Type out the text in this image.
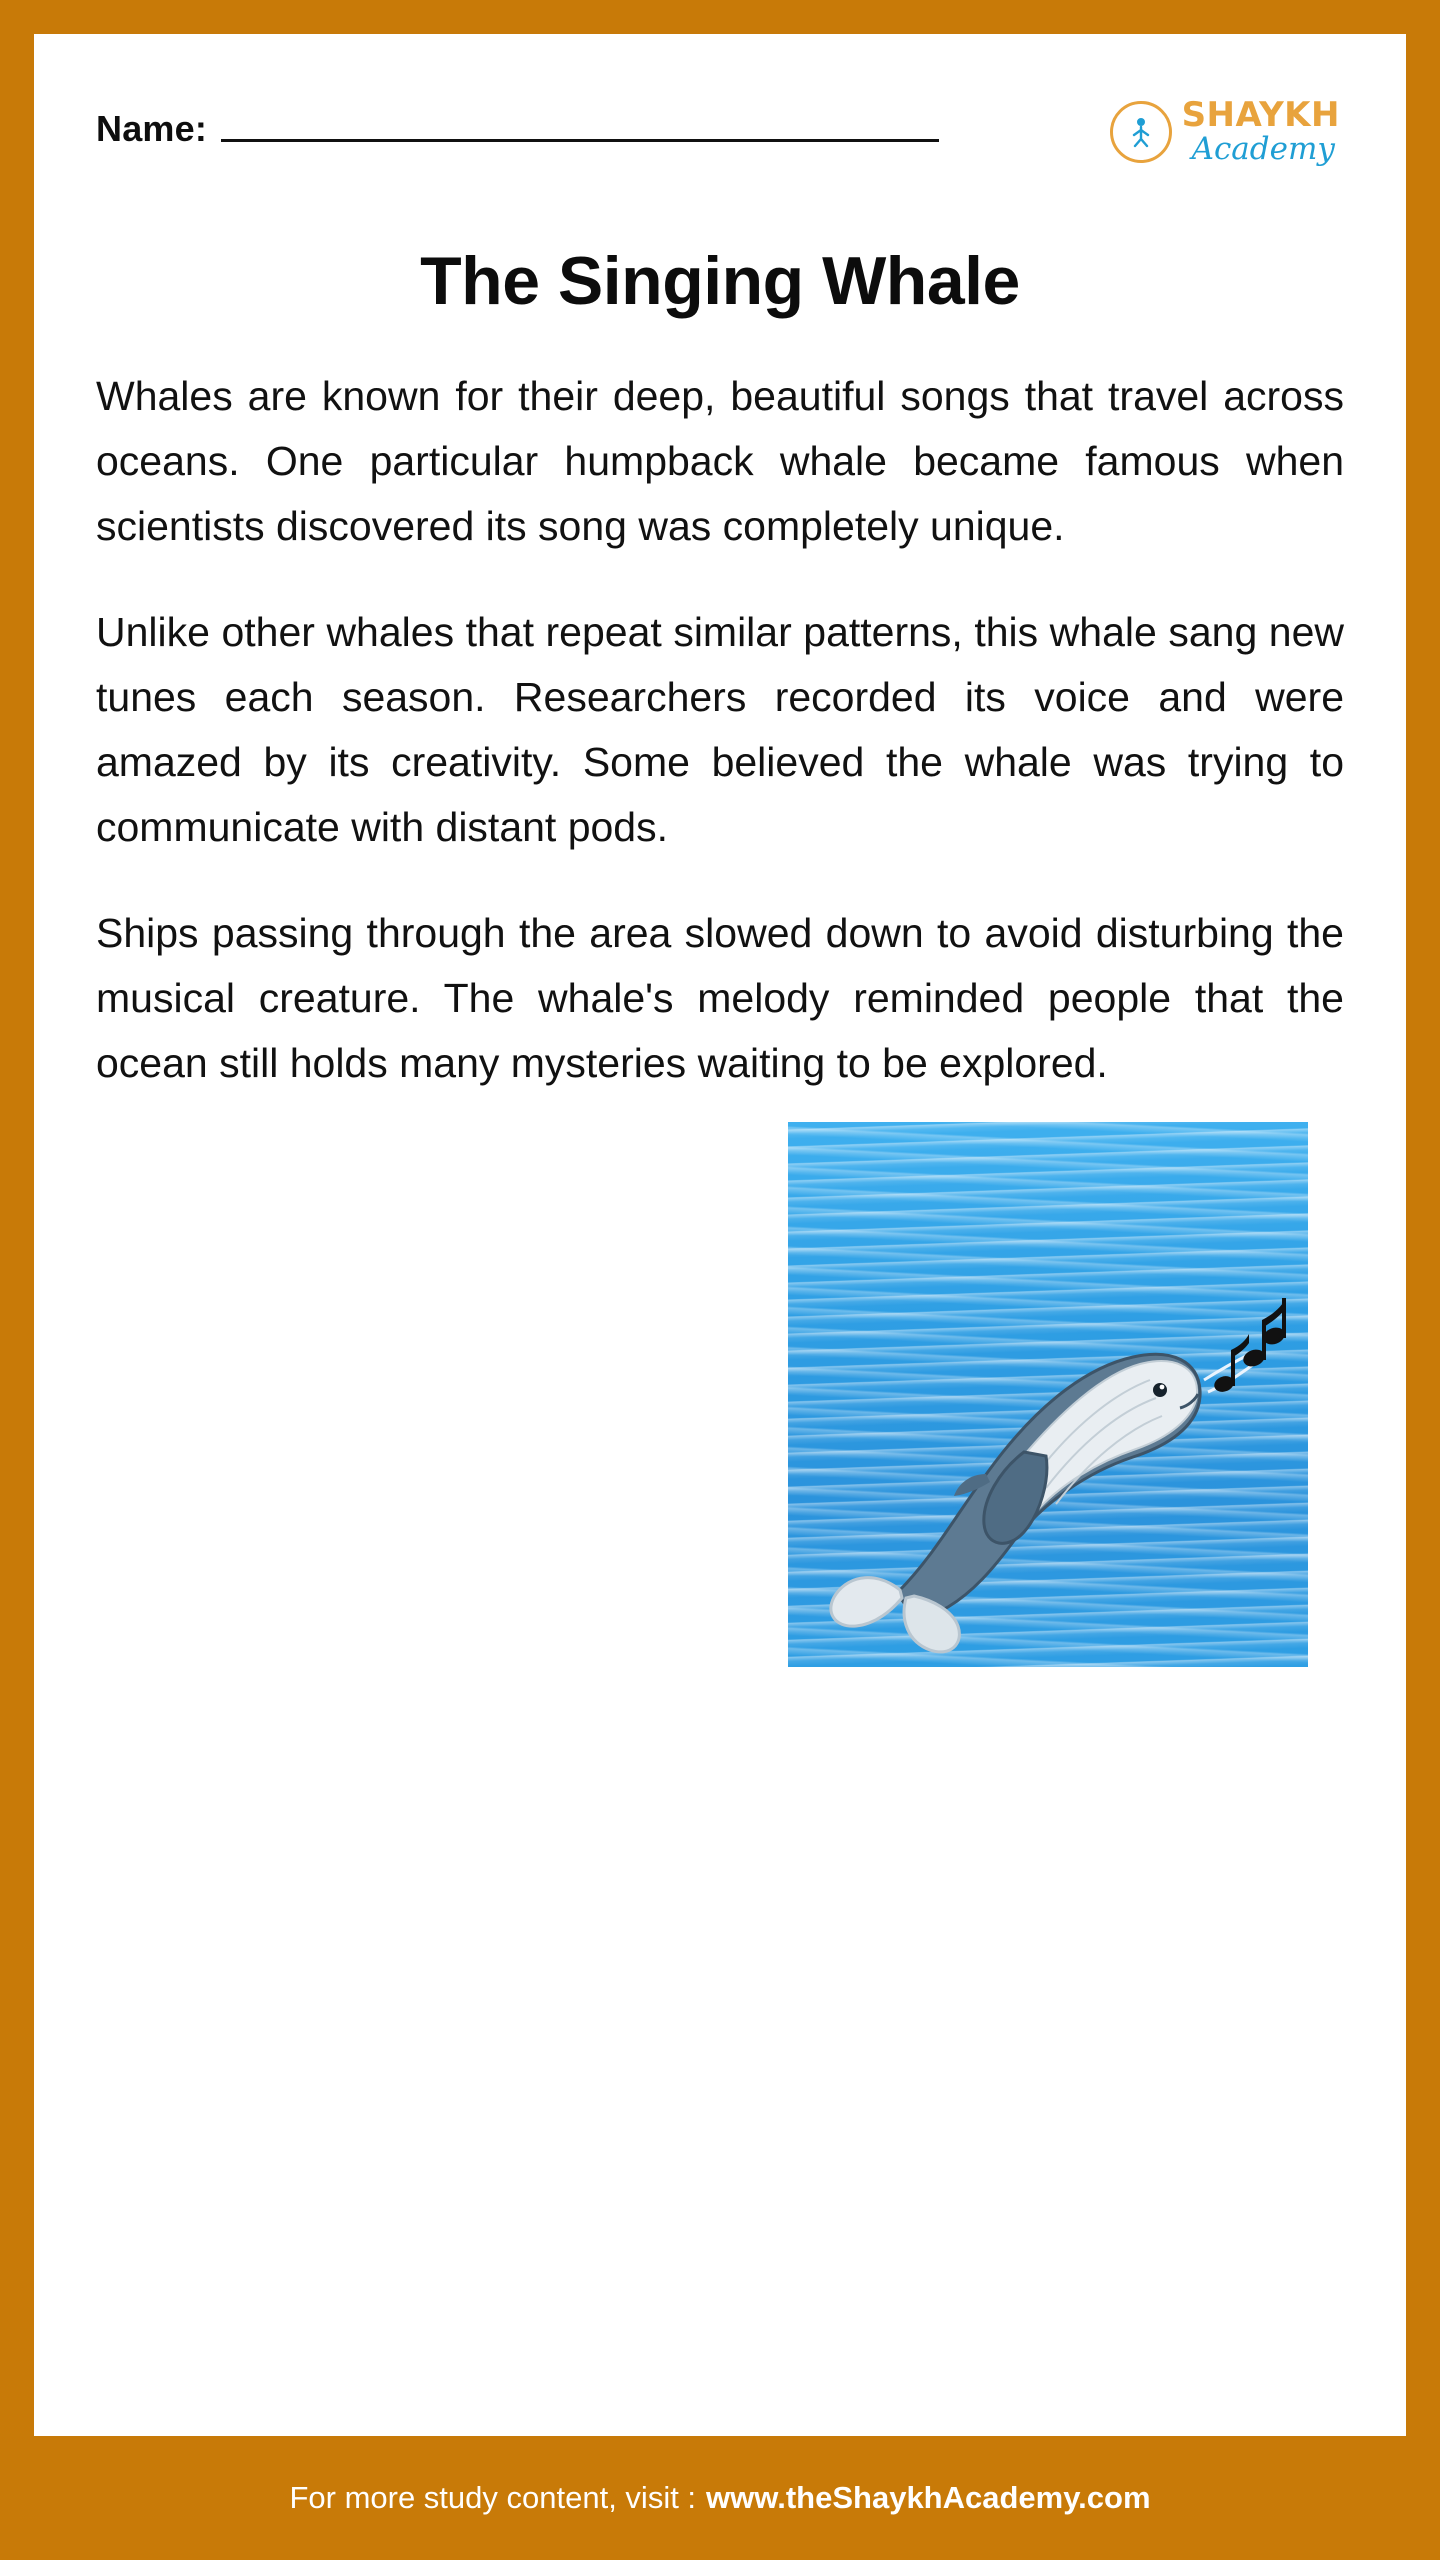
Name:	SHAYKH
Academy
The Singing Whale

Whales are known for their deep, beautiful songs that travel across oceans. One particular humpback whale became famous when scientists discovered its song was completely unique.

Unlike other whales that repeat similar patterns, this whale sang new tunes each season. Researchers recorded its voice and were amazed by its creativity. Some believed the whale was trying to communicate with distant pods.

Ships passing through the area slowed down to avoid disturbing the musical creature. The whale's melody reminded people that the ocean still holds many mysteries waiting to be explored.

For more study content, visit : www.theShaykhAcademy.com
